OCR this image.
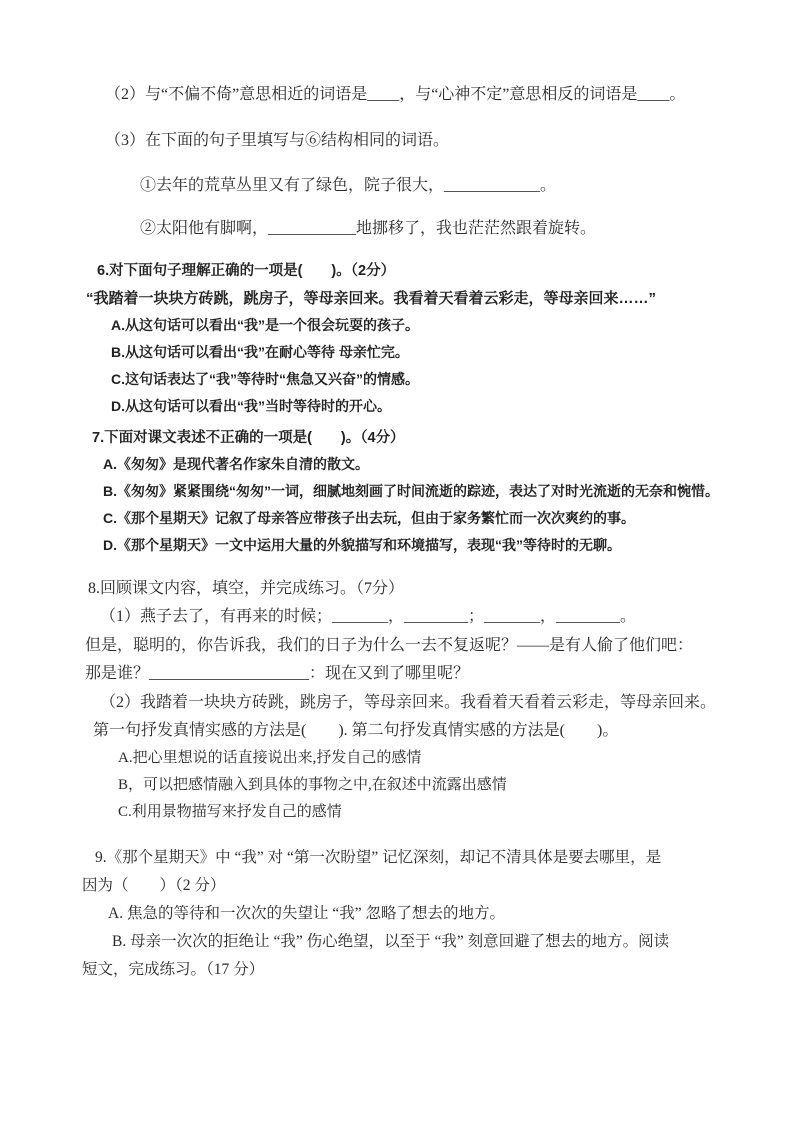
（2）与“不偏不倚”意思相近的词语是____，与“心神不定”意思相反的词语是____。

（3）在下面的句子里填写与⑥结构相同的词语。

①去年的荒草丛里又有了绿色，院子很大，____________。

②太阳他有脚啊，___________地挪移了，我也茫茫然跟着旋转。

6.对下面句子理解正确的一项是(　　)。（2分）

“我踏着一块块方砖跳，跳房子，等母亲回来。我看着天看着云彩走，等母亲回来……”

A.从这句话可以看出“我”是一个很会玩耍的孩子。

B.从这句话可以看出“我”在耐心等待 母亲忙完。

C.这句话表达了“我”等待时“焦急又兴奋”的情感。

D.从这句话可以看出“我”当时等待时的开心。

7.下面对课文表述不正确的一项是(　　)。（4分）

A.《匆匆》是现代著名作家朱自清的散文。

B.《匆匆》紧紧围绕“匆匆”一词，细腻地刻画了时间流逝的踪迹，表达了对时光流逝的无奈和惋惜。

C.《那个星期天》记叙了母亲答应带孩子出去玩，但由于家务繁忙而一次次爽约的事。

D.《那个星期天》一文中运用大量的外貌描写和环境描写，表现“我”等待时的无聊。

8.回顾课文内容，填空，并完成练习。（7分）

（1）燕子去了，有再来的时候；_______，________；_______，________。

但是，聪明的，你告诉我，我们的日子为什么一去不复返呢？——是有人偷了他们吧：

那是谁？____________________：现在又到了哪里呢？

（2）我踏着一块块方砖跳，跳房子，等母亲回来。我看着天看着云彩走，等母亲回来。

第一句抒发真情实感的方法是(　　). 第二句抒发真情实感的方法是(　　)。

A.把心里想说的话直接说出来,抒发自己的感情

B，可以把感情融入到具体的事物之中,在叙述中流露出感情

C.利用景物描写来抒发自己的感情

9.《那个星期天》中 “我” 对 “第一次盼望” 记忆深刻，却记不清具体是要去哪里，是

因为（　　）（2 分）

A. 焦急的等待和一次次的失望让 “我” 忽略了想去的地方。

B. 母亲一次次的拒绝让 “我” 伤心绝望，以至于 “我” 刻意回避了想去的地方。阅读

短文，完成练习。（17 分）
